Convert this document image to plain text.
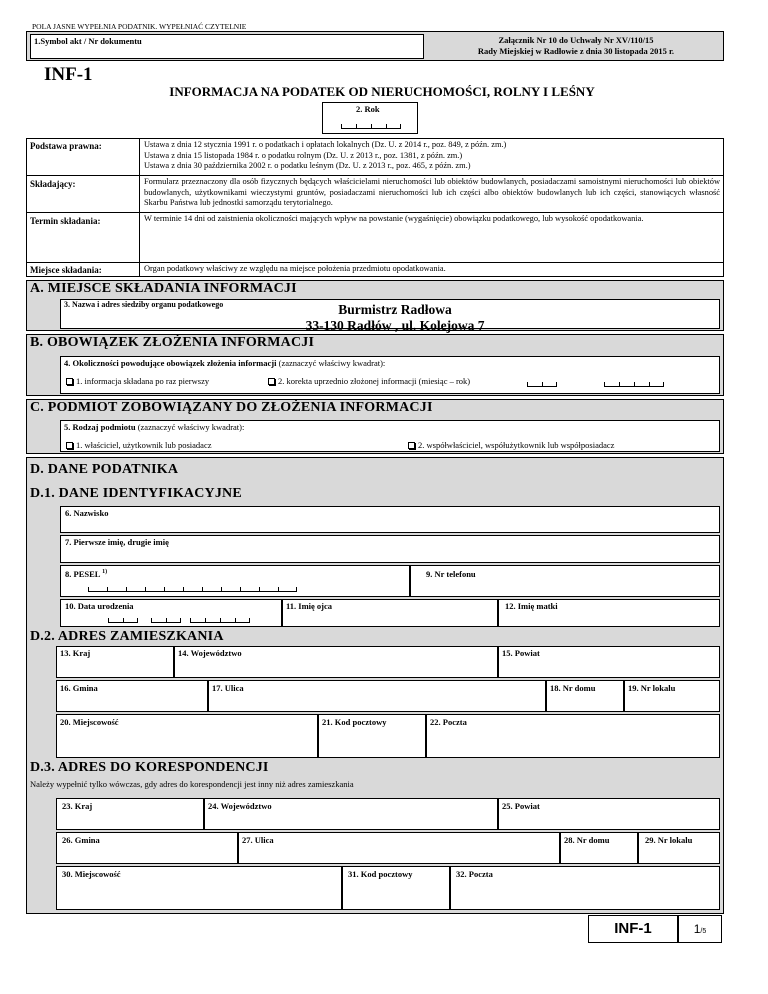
POLA JASNE WYPEŁNIA PODATNIK. WYPEŁNIAĆ CZYTELNIE
1.Symbol akt / Nr dokumentu	Załącznik Nr 10 do Uchwały Nr XV/110/15
Rady Miejskiej w Radłowie z dnia 30 listopada 2015 r.
INF-1
INFORMACJA NA PODATEK OD NIERUCHOMOŚCI, ROLNY I LEŚNY
2. Rok
Podstawa prawna:	Ustawa z dnia 12 stycznia 1991 r. o podatkach i opłatach lokalnych (Dz. U. z 2014 r., poz. 849, z późn. zm.)
Ustawa z dnia 15 listopada 1984 r. o podatku rolnym (Dz. U. z 2013 r., poz. 1381, z późn. zm.)
Ustawa z dnia 30 października 2002 r. o podatku leśnym (Dz. U. z 2013 r., poz. 465, z późn. zm.)
Składający:	Formularz przeznaczony dla osób fizycznych będących właścicielami nieruchomości lub obiektów budowlanych, posiadaczami samoistnymi nieruchomości lub obiektów budowlanych, użytkownikami wieczystymi gruntów, posiadaczami nieruchomości lub ich części albo obiektów budowlanych lub ich części, stanowiących własność Skarbu Państwa lub jednostki samorządu terytorialnego.
Termin składania:	W terminie 14 dni od zaistnienia okoliczności mających wpływ na powstanie (wygaśnięcie) obowiązku podatkowego, lub wysokość opodatkowania.
Miejsce składania:	Organ podatkowy właściwy ze względu na miejsce położenia przedmiotu opodatkowania.
A. MIEJSCE SKŁADANIA INFORMACJI
3. Nazwa i adres siedziby organu podatkowego	Burmistrz Radłowa
33-130 Radłów , ul. Kolejowa 7
B. OBOWIĄZEK ZŁOŻENIA INFORMACJI
4. Okoliczności powodujące obowiązek złożenia informacji (zaznaczyć właściwy kwadrat):
1. informacja składana po raz pierwszy	2. korekta uprzednio złożonej informacji (miesiąc – rok)
C. PODMIOT ZOBOWIĄZANY DO ZŁOŻENIA INFORMACJI
5. Rodzaj podmiotu (zaznaczyć właściwy kwadrat):
1. właściciel, użytkownik lub posiadacz	2. współwłaściciel, współużytkownik lub współposiadacz
D. DANE PODATNIKA
D.1. DANE IDENTYFIKACYJNE
6. Nazwisko
7. Pierwsze imię, drugie imię
8. PESEL $^{1)}$	9. Nr telefonu
10. Data urodzenia	11. Imię ojca	12. Imię matki
D.2. ADRES ZAMIESZKANIA
13. Kraj	14. Województwo	15. Powiat
16. Gmina	17. Ulica	18. Nr domu	19. Nr lokalu
20. Miejscowość	21. Kod pocztowy	22. Poczta
D.3. ADRES DO KORESPONDENCJI
Należy wypełnić tylko wówczas, gdy adres do korespondencji jest inny niż adres zamieszkania
23. Kraj	24. Województwo	25. Powiat
26. Gmina	27. Ulica	28. Nr domu	29. Nr lokalu
30. Miejscowość	31. Kod pocztowy	32. Poczta
INF-1	1/5
